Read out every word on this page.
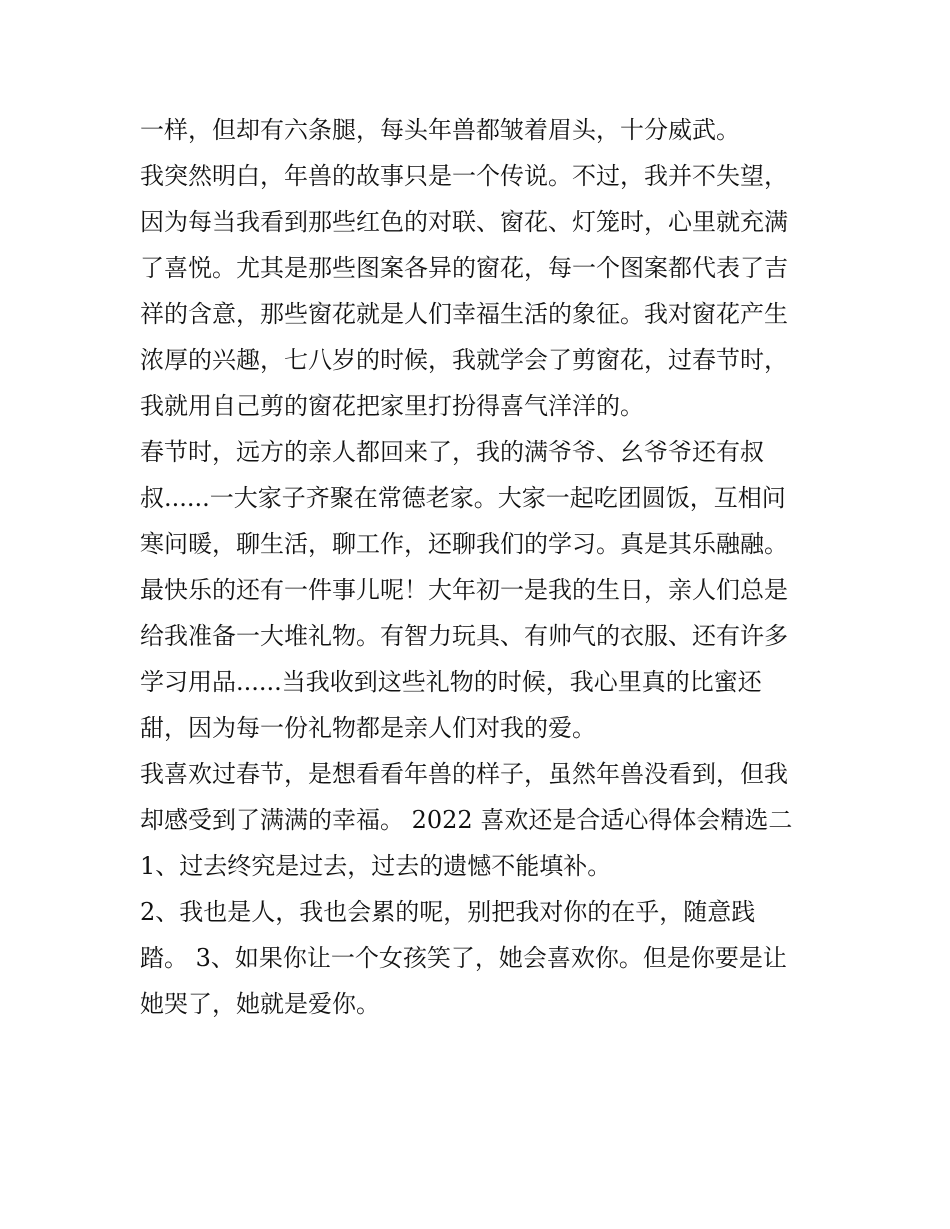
一样，但却有六条腿，每头年兽都皱着眉头，十分威武。
我突然明白，年兽的故事只是一个传说。不过，我并不失望，
因为每当我看到那些红色的对联、窗花、灯笼时，心里就充满
了喜悦。尤其是那些图案各异的窗花，每一个图案都代表了吉
祥的含意，那些窗花就是人们幸福生活的象征。我对窗花产生
浓厚的兴趣，七八岁的时候，我就学会了剪窗花，过春节时，
我就用自己剪的窗花把家里打扮得喜气洋洋的。
春节时，远方的亲人都回来了，我的满爷爷、幺爷爷还有叔
叔......一大家子齐聚在常德老家。大家一起吃团圆饭，互相问
寒问暖，聊生活，聊工作，还聊我们的学习。真是其乐融融。
最快乐的还有一件事儿呢！大年初一是我的生日，亲人们总是
给我准备一大堆礼物。有智力玩具、有帅气的衣服、还有许多
学习用品......当我收到这些礼物的时候，我心里真的比蜜还
甜，因为每一份礼物都是亲人们对我的爱。
我喜欢过春节，是想看看年兽的样子，虽然年兽没看到，但我
却感受到了满满的幸福。 2022 喜欢还是合适心得体会精选二
1、过去终究是过去，过去的遗憾不能填补。
2、我也是人，我也会累的呢，别把我对你的在乎，随意践
踏。 3、如果你让一个女孩笑了，她会喜欢你。但是你要是让
她哭了，她就是爱你。
